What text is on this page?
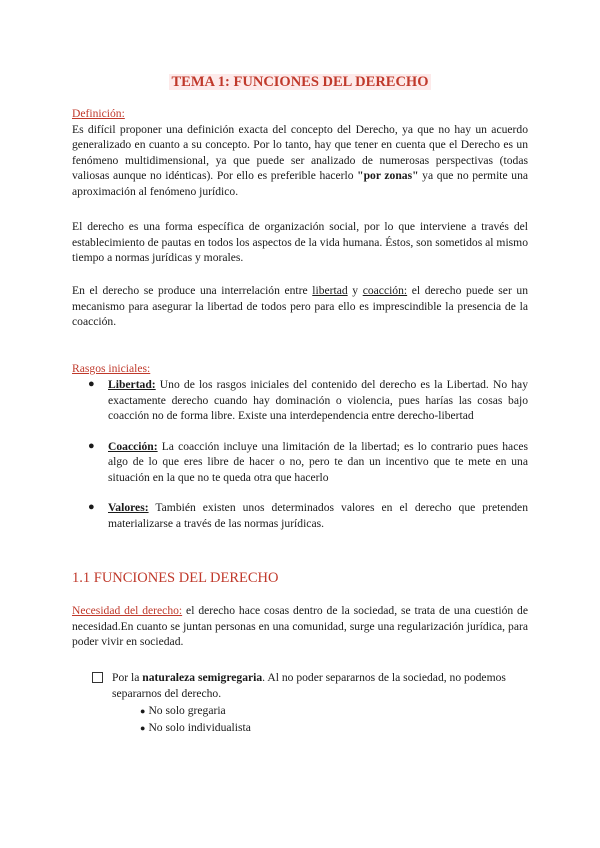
TEMA 1: FUNCIONES DEL DERECHO
Definición:
Es difícil proponer una definición exacta del concepto del Derecho, ya que no hay un acuerdo generalizado en cuanto a su concepto. Por lo tanto, hay que tener en cuenta que el Derecho es un fenómeno multidimensional, ya que puede ser analizado de numerosas perspectivas (todas valiosas aunque no idénticas). Por ello es preferible hacerlo "por zonas" ya que no permite una aproximación al fenómeno jurídico.
El derecho es una forma específica de organización social, por lo que interviene a través del establecimiento de pautas en todos los aspectos de la vida humana. Éstos, son sometidos al mismo tiempo a normas jurídicas y morales.
En el derecho se produce una interrelación entre libertad y coacción: el derecho puede ser un mecanismo para asegurar la libertad de todos pero para ello es imprescindible la presencia de la coacción.
Rasgos iniciales:
● Libertad: Uno de los rasgos iniciales del contenido del derecho es la Libertad. No hay exactamente derecho cuando hay dominación o violencia, pues harías las cosas bajo coacción no de forma libre. Existe una interdependencia entre derecho-libertad
● Coacción: La coacción incluye una limitación de la libertad; es lo contrario pues haces algo de lo que eres libre de hacer o no, pero te dan un incentivo que te mete en una situación en la que no te queda otra que hacerlo
● Valores: También existen unos determinados valores en el derecho que pretenden materializarse a través de las normas jurídicas.
1.1 FUNCIONES DEL DERECHO
Necesidad del derecho: el derecho hace cosas dentro de la sociedad, se trata de una cuestión de necesidad.En cuanto se juntan personas en una comunidad, surge una regularización jurídica, para poder vivir en sociedad.
Por la naturaleza semigregaria. Al no poder separarnos de la sociedad, no podemos separarnos del derecho.
● No solo gregaria
● No solo individualista
